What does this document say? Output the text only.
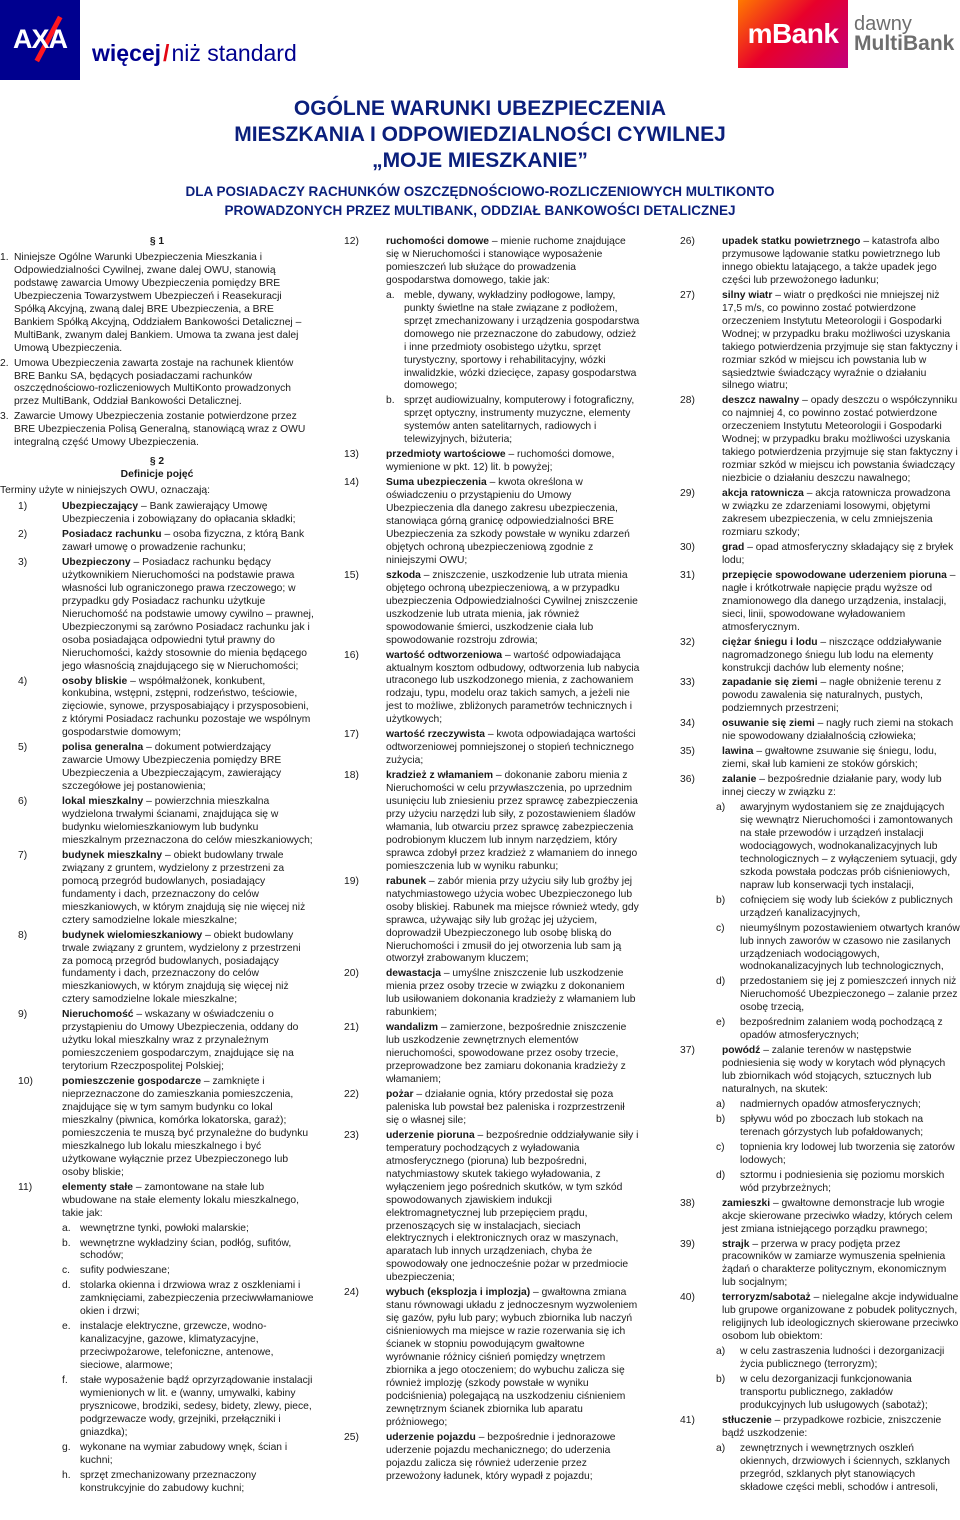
AXA	więcej/niż standard
mBank dawny
MultiBank
OGÓLNE WARUNKI UBEZPIECZENIA
MIESZKANIA I ODPOWIEDZIALNOŚCI CYWILNEJ
„MOJE MIESZKANIE”
DLA POSIADACZY RACHUNKÓW OSZCZĘDNOŚCIOWO-ROZLICZENIOWYCH MULTIKONTO
PROWADZONYCH PRZEZ MULTIBANK, ODDZIAŁ BANKOWOŚCI DETALICZNEJ
§ 1
1. Niniejsze Ogólne Warunki Ubezpieczenia Mieszkania i Odpowiedzialności Cywilnej, zwane dalej OWU, stanowią podstawę zawarcia Umowy Ubezpieczenia pomiędzy BRE Ubezpieczenia Towarzystwem Ubezpieczeń i Reasekuracji Spółką Akcyjną, zwaną dalej BRE Ubezpieczenia, a BRE Bankiem Spółką Akcyjną, Oddziałem Bankowości Detalicznej – MultiBank, zwanym dalej Bankiem. Umowa ta zwana jest dalej Umową Ubezpieczenia.
2. Umowa Ubezpieczenia zawarta zostaje na rachunek klientów BRE Banku SA, będących posiadaczami rachunków oszczędnościowo-rozliczeniowych MultiKonto prowadzonych przez MultiBank, Oddział Bankowości Detalicznej.
3. Zawarcie Umowy Ubezpieczenia zostanie potwierdzone przez BRE Ubezpieczenia Polisą Generalną, stanowiącą wraz z OWU integralną część Umowy Ubezpieczenia.
§ 2
Definicje pojęć
Terminy użyte w niniejszych OWU, oznaczają:
1)	Ubezpieczający – Bank zawierający Umowę Ubezpieczenia i zobowiązany do opłacania składki;
2)	Posiadacz rachunku – osoba fizyczna, z którą Bank zawarł umowę o prowadzenie rachunku;
3)	Ubezpieczony – Posiadacz rachunku będący użytkownikiem Nieruchomości na podstawie prawa własności lub ograniczonego prawa rzeczowego; w przypadku gdy Posiadacz rachunku użytkuje Nieruchomość na podstawie umowy cywilno – prawnej, Ubezpieczonymi są zarówno Posiadacz rachunku jak i osoba posiadająca odpowiedni tytuł prawny do Nieruchomości, każdy stosownie do mienia będącego jego własnością znajdującego się w Nieruchomości;
4)	osoby bliskie – współmałżonek, konkubent, konkubina, wstępni, zstępni, rodzeństwo, teściowie, zięciowie, synowe, przysposabiający i przysposobieni, z którymi Posiadacz rachunku pozostaje we wspólnym gospodarstwie domowym;
5)	polisa generalna – dokument potwierdzający zawarcie Umowy Ubezpieczenia pomiędzy BRE Ubezpieczenia a Ubezpieczającym, zawierający szczegółowe jej postanowienia;
6)	lokal mieszkalny – powierzchnia mieszkalna wydzielona trwałymi ścianami, znajdująca się w budynku wielomieszkaniowym lub budynku mieszkalnym przeznaczona do celów mieszkaniowych;
7)	budynek mieszkalny – obiekt budowlany trwale związany z gruntem, wydzielony z przestrzeni za pomocą przegród budowlanych, posiadający fundamenty i dach, przeznaczony do celów mieszkaniowych, w którym znajdują się nie więcej niż cztery samodzielne lokale mieszkalne;
8)	budynek wielomieszkaniowy – obiekt budowlany trwale związany z gruntem, wydzielony z przestrzeni za pomocą przegród budowlanych, posiadający fundamenty i dach, przeznaczony do celów mieszkaniowych, w którym znajdują się więcej niż cztery samodzielne lokale mieszkalne;
9)	Nieruchomość – wskazany w oświadczeniu o przystąpieniu do Umowy Ubezpieczenia, oddany do użytku lokal mieszkalny wraz z przynależnym pomieszczeniem gospodarczym, znajdujące się na terytorium Rzeczpospolitej Polskiej;
10)	pomieszczenie gospodarcze – zamknięte i nieprzeznaczone do zamieszkania pomieszczenia, znajdujące się w tym samym budynku co lokal mieszkalny (piwnica, komórka lokatorska, garaż); pomieszczenia te muszą być przynależne do budynku mieszkalnego lub lokalu mieszkalnego i być użytkowane wyłącznie przez Ubezpieczonego lub osoby bliskie;
11)	elementy stałe – zamontowane na stałe lub wbudowane na stałe elementy lokalu mieszkalnego, takie jak:
a. wewnętrzne tynki, powłoki malarskie;
b. wewnętrzne wykładziny ścian, podłóg, sufitów, schodów;
c. sufity podwieszane;
d. stolarka okienna i drzwiowa wraz z oszkleniami i zamknięciami, zabezpieczenia przeciwwłamaniowe okien i drzwi;
e. instalacje elektryczne, grzewcze, wodno-kanalizacyjne, gazowe, klimatyzacyjne, przeciwpożarowe, telefoniczne, antenowe, sieciowe, alarmowe;
f. stałe wyposażenie bądź oprzyrządowanie instalacji wymienionych w lit. e (wanny, umywalki, kabiny prysznicowe, brodziki, sedesy, bidety, zlewy, piece, podgrzewacze wody, grzejniki, przełączniki i gniazdka);
g. wykonane na wymiar zabudowy wnęk, ścian i kuchni;
h. sprzęt zmechanizowany przeznaczony konstrukcyjnie do zabudowy kuchni;
12)	ruchomości domowe – mienie ruchome znajdujące się w Nieruchomości i stanowiące wyposażenie pomieszczeń lub służące do prowadzenia gospodarstwa domowego, takie jak:
a. meble, dywany, wykładziny podłogowe, lampy, punkty świetlne na stałe związane z podłożem, sprzęt zmechanizowany i urządzenia gospodarstwa domowego nie przeznaczone do zabudowy, odzież i inne przedmioty osobistego użytku, sprzęt turystyczny, sportowy i rehabilitacyjny, wózki inwalidzkie, wózki dziecięce, zapasy gospodarstwa domowego;
b. sprzęt audiowizualny, komputerowy i fotograficzny, sprzęt optyczny, instrumenty muzyczne, elementy systemów anten satelitarnych, radiowych i telewizyjnych, biżuteria;
13)	przedmioty wartościowe – ruchomości domowe, wymienione w pkt. 12) lit. b powyżej;
14)	Suma ubezpieczenia – kwota określona w oświadczeniu o przystąpieniu do Umowy Ubezpieczenia dla danego zakresu ubezpieczenia, stanowiąca górną granicę odpowiedzialności BRE Ubezpieczenia za szkody powstałe w wyniku zdarzeń objętych ochroną ubezpieczeniową zgodnie z niniejszymi OWU;
15)	szkoda – zniszczenie, uszkodzenie lub utrata mienia objętego ochroną ubezpieczeniową, a w przypadku ubezpieczenia Odpowiedzialności Cywilnej zniszczenie uszkodzenie lub utrata mienia, jak również spowodowanie śmierci, uszkodzenie ciała lub spowodowanie rozstroju zdrowia;
16)	wartość odtworzeniowa – wartość odpowiadająca aktualnym kosztom odbudowy, odtworzenia lub nabycia utraconego lub uszkodzonego mienia, z zachowaniem rodzaju, typu, modelu oraz takich samych, a jeżeli nie jest to możliwe, zbliżonych parametrów technicznych i użytkowych;
17)	wartość rzeczywista – kwota odpowiadająca wartości odtworzeniowej pomniejszonej o stopień technicznego zużycia;
18)	kradzież z włamaniem – dokonanie zaboru mienia z Nieruchomości w celu przywłaszczenia, po uprzednim usunięciu lub zniesieniu przez sprawcę zabezpieczenia przy użyciu narzędzi lub siły, z pozostawieniem śladów włamania, lub otwarciu przez sprawcę zabezpieczenia podrobionym kluczem lub innym narzędziem, który sprawca zdobył przez kradzież z włamaniem do innego pomieszczenia lub w wyniku rabunku;
19)	rabunek – zabór mienia przy użyciu siły lub groźby jej natychmiastowego użycia wobec Ubezpieczonego lub osoby bliskiej. Rabunek ma miejsce również wtedy, gdy sprawca, używając siły lub grożąc jej użyciem, doprowadził Ubezpieczonego lub osobę bliską do Nieruchomości i zmusił do jej otworzenia lub sam ją otworzył zrabowanym kluczem;
20)	dewastacja – umyślne zniszczenie lub uszkodzenie mienia przez osoby trzecie w związku z dokonaniem lub usiłowaniem dokonania kradzieży z włamaniem lub rabunkiem;
21)	wandalizm – zamierzone, bezpośrednie zniszczenie lub uszkodzenie zewnętrznych elementów nieruchomości, spowodowane przez osoby trzecie, przeprowadzone bez zamiaru dokonania kradzieży z włamaniem;
22)	pożar – działanie ognia, który przedostał się poza paleniska lub powstał bez paleniska i rozprzestrzenił się o własnej sile;
23)	uderzenie pioruna – bezpośrednie oddziaływanie siły i temperatury pochodzących z wyładowania atmosferycznego (pioruna) lub bezpośredni, natychmiastowy skutek takiego wyładowania, z wyłączeniem jego pośrednich skutków, w tym szkód spowodowanych zjawiskiem indukcji elektromagnetycznej lub przepięciem prądu, przenoszących się w instalacjach, sieciach elektrycznych i elektronicznych oraz w maszynach, aparatach lub innych urządzeniach, chyba że spowodowały one jednocześnie pożar w przedmiocie ubezpieczenia;
24)	wybuch (eksplozja i implozja) – gwałtowna zmiana stanu równowagi układu z jednoczesnym wyzwoleniem się gazów, pyłu lub pary; wybuch zbiornika lub naczyń ciśnieniowych ma miejsce w razie rozerwania się ich ścianek w stopniu powodującym gwałtowne wyrównanie różnicy ciśnień pomiędzy wnętrzem zbiornika a jego otoczeniem; do wybuchu zalicza się również implozję (szkody powstałe w wyniku podciśnienia) polegającą na uszkodzeniu ciśnieniem zewnętrznym ścianek zbiornika lub aparatu próżniowego;
25)	uderzenie pojazdu – bezpośrednie i jednorazowe uderzenie pojazdu mechanicznego; do uderzenia pojazdu zalicza się również uderzenie przez przewożony ładunek, który wypadł z pojazdu;
26)	upadek statku powietrznego – katastrofa albo przymusowe lądowanie statku powietrznego lub innego obiektu latającego, a także upadek jego części lub przewożonego ładunku;
27)	silny wiatr – wiatr o prędkości nie mniejszej niż 17,5 m/s, co powinno zostać potwierdzone orzeczeniem Instytutu Meteorologii i Gospodarki Wodnej; w przypadku braku możliwości uzyskania takiego potwierdzenia przyjmuje się stan faktyczny i rozmiar szkód w miejscu ich powstania lub w sąsiedztwie świadczący wyraźnie o działaniu silnego wiatru;
28)	deszcz nawalny – opady deszczu o współczynniku co najmniej 4, co powinno zostać potwierdzone orzeczeniem Instytutu Meteorologii i Gospodarki Wodnej; w przypadku braku możliwości uzyskania takiego potwierdzenia przyjmuje się stan faktyczny i rozmiar szkód w miejscu ich powstania świadczący niezbicie o działaniu deszczu nawalnego;
29)	akcja ratownicza – akcja ratownicza prowadzona w związku ze zdarzeniami losowymi, objętymi zakresem ubezpieczenia, w celu zmniejszenia rozmiaru szkody;
30)	grad – opad atmosferyczny składający się z bryłek lodu;
31)	przepięcie spowodowane uderzeniem pioruna – nagłe i krótkotrwałe napięcie prądu wyższe od znamionowego dla danego urządzenia, instalacji, sieci, linii, spowodowane wyładowaniem atmosferycznym.
32)	ciężar śniegu i lodu – niszczące oddziaływanie nagromadzonego śniegu lub lodu na elementy konstrukcji dachów lub elementy nośne;
33)	zapadanie się ziemi – nagłe obniżenie terenu z powodu zawalenia się naturalnych, pustych, podziemnych przestrzeni;
34)	osuwanie się ziemi – nagły ruch ziemi na stokach nie spowodowany działalnością człowieka;
35)	lawina – gwałtowne zsuwanie się śniegu, lodu, ziemi, skał lub kamieni ze stoków górskich;
36)	zalanie – bezpośrednie działanie pary, wody lub innej cieczy w związku z:
a) awaryjnym wydostaniem się ze znajdujących się wewnątrz Nieruchomości i zamontowanych na stałe przewodów i urządzeń instalacji wodociągowych, wodnokanalizacyjnych lub technologicznych – z wyłączeniem sytuacji, gdy szkoda powstała podczas prób ciśnieniowych, napraw lub konserwacji tych instalacji,
b) cofnięciem się wody lub ścieków z publicznych urządzeń kanalizacyjnych,
c) nieumyślnym pozostawieniem otwartych kranów lub innych zaworów w czasowo nie zasilanych urządzeniach wodociągowych, wodnokanalizacyjnych lub technologicznych,
d) przedostaniem się jej z pomieszczeń innych niż Nieruchomość Ubezpieczonego – zalanie przez osobę trzecią,
e) bezpośrednim zalaniem wodą pochodzącą z opadów atmosferycznych;
37)	powódź – zalanie terenów w następstwie podniesienia się wody w korytach wód płynących lub zbiornikach wód stojących, sztucznych lub naturalnych, na skutek:
a) nadmiernych opadów atmosferycznych;
b) spływu wód po zboczach lub stokach na terenach górzystych lub pofałdowanych;
c) topnienia kry lodowej lub tworzenia się zatorów lodowych;
d) sztormu i podniesienia się poziomu morskich wód przybrzeżnych;
38)	zamieszki – gwałtowne demonstracje lub wrogie akcje skierowane przeciwko władzy, których celem jest zmiana istniejącego porządku prawnego;
39)	strajk – przerwa w pracy podjęta przez pracowników w zamiarze wymuszenia spełnienia żądań o charakterze politycznym, ekonomicznym lub socjalnym;
40)	terroryzm/sabotaż – nielegalne akcje indywidualne lub grupowe organizowane z pobudek politycznych, religijnych lub ideologicznych skierowane przeciwko osobom lub obiektom:
a) w celu zastraszenia ludności i dezorganizacji życia publicznego (terroryzm);
b) w celu dezorganizacji funkcjonowania transportu publicznego, zakładów produkcyjnych lub usługowych (sabotaż);
41)	stłuczenie – przypadkowe rozbicie, zniszczenie bądź uszkodzenie:
a) zewnętrznych i wewnętrznych oszkleń okiennych, drzwiowych i ściennych, szklanych przegród, szklanych płyt stanowiących składowe części mebli, schodów i antresoli,
